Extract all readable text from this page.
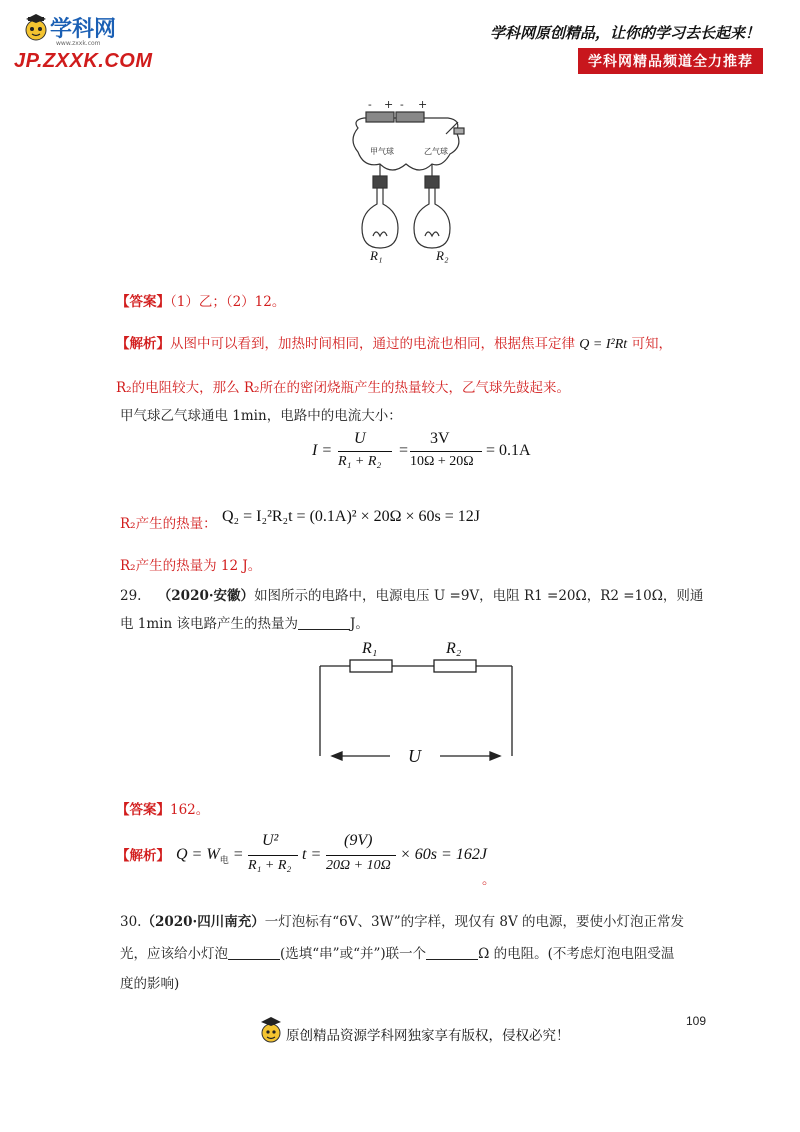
学科网
www.zxxk.com
JP.ZXXK.COM
学科网原创精品，让你的学习去长起来！
学科网精品频道全力推荐
- + - +
甲气球	乙气球
R₁	R₂
【答案】（1）乙；（2）12。
【解析】从图中可以看到，加热时间相同，通过的电流也相同，根据焦耳定律 Q = I²Rt 可知，
R₂的电阻较大，那么 R₂所在的密闭烧瓶产生的热量较大，乙气球先鼓起来。
甲气球乙气球通电 1min，电路中的电流大小：
I =
U
R₁ + R₂
=
3V
10Ω + 20Ω
= 0.1A
R₂产生的热量： Q₂ = I₂²R₂t = (0.1A)² × 20Ω × 60s = 12J
R₂产生的热量为 12 J。
29. （2020·安徽）如图所示的电路中，电源电压 U =9V，电阻 R1 =20Ω，R2 =10Ω，则通
电 1min 该电路产生的热量为	J。
R₁	R₂
U
【答案】162。
【解析】 $Q = W_电$ =
U²
R₁ + R₂
t =
(9V)
20Ω + 10Ω
× 60s = 162J
。
30.（2020·四川南充）一灯泡标有“6V、3W”的字样，现仅有 8V 的电源，要使小灯泡正常发
光，应该给小灯泡	(选填“串”或“并”)联一个	Ω 的电阻。(不考虑灯泡电阻受温
度的影响)
109
原创精品资源学科网独家享有版权，侵权必究！
